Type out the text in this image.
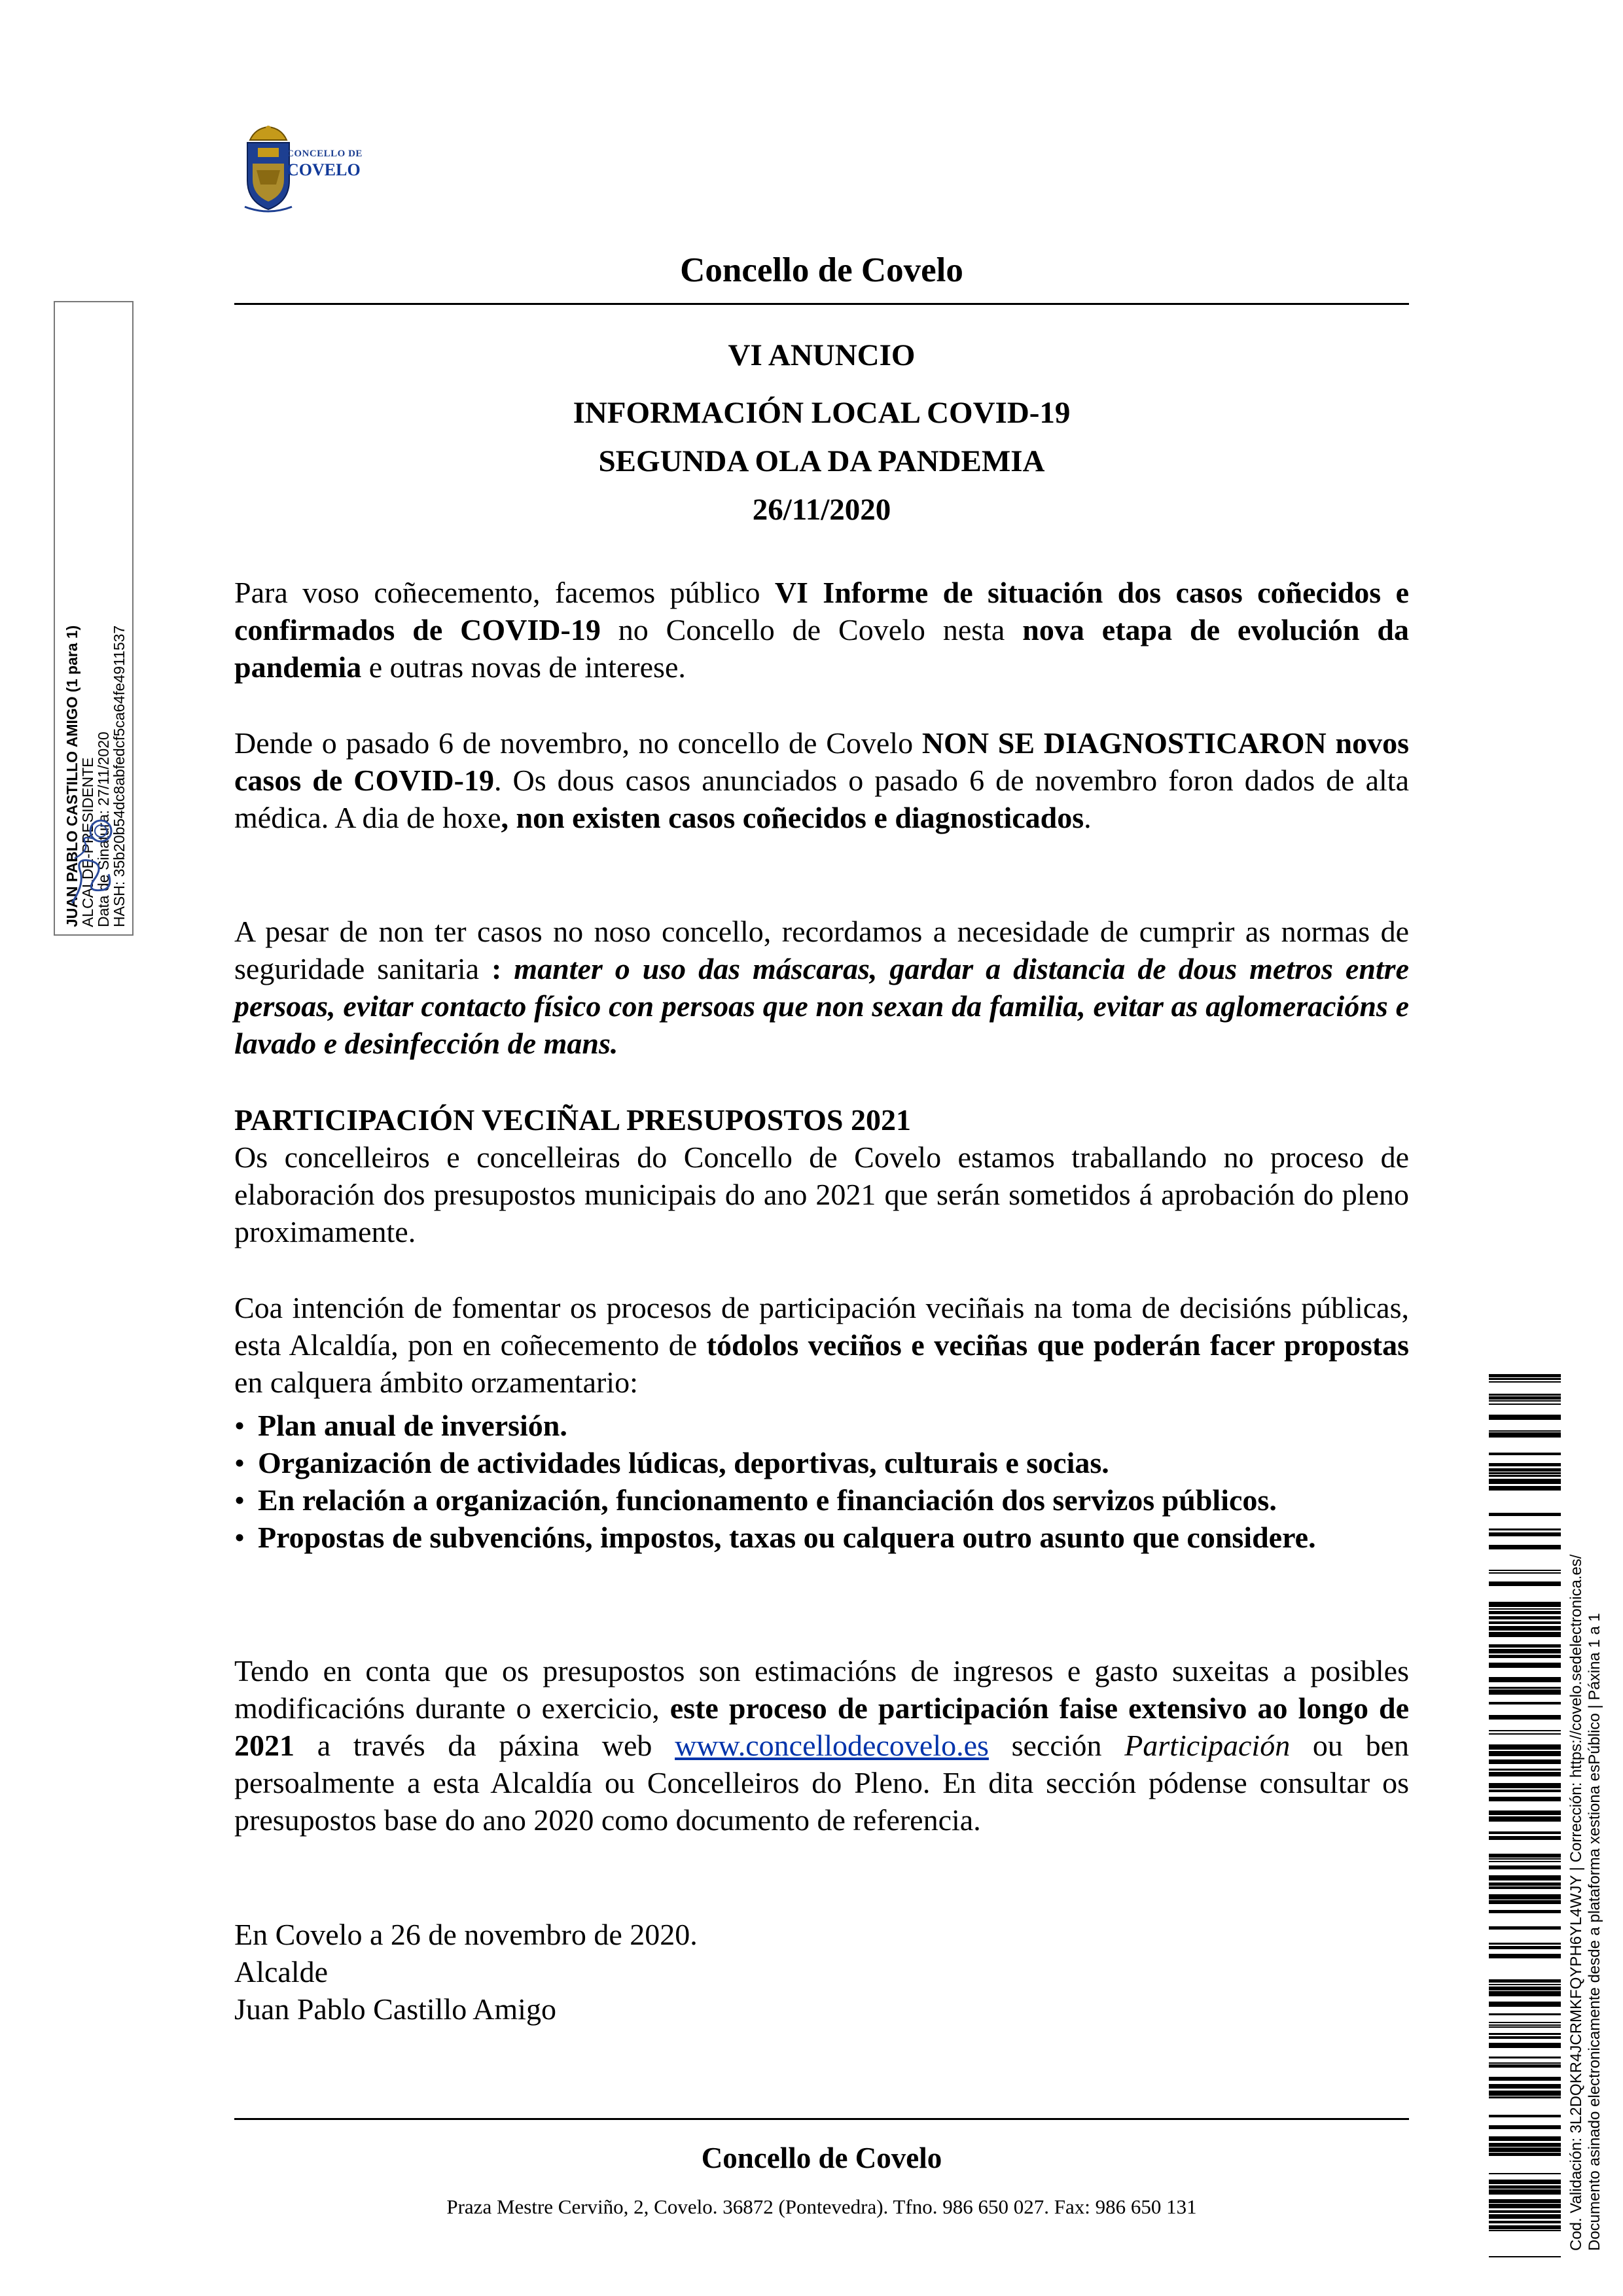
CONCELLO DE
COVELO
Concello de Covelo
VI ANUNCIO
INFORMACIÓN LOCAL COVID-19
SEGUNDA OLA DA PANDEMIA
26/11/2020

Para voso coñecemento, facemos público VI Informe de situación dos casos coñecidos e confirmados de COVID-19 no Concello de Covelo nesta nova etapa de evolución da pandemia e outras novas de interese.

Dende o pasado 6 de novembro, no concello de Covelo NON SE DIAGNOSTICARON novos casos de COVID-19. Os dous casos anunciados o pasado 6 de novembro foron dados de alta médica. A dia de hoxe, non existen casos coñecidos e diagnosticados.

A pesar de non ter casos no noso concello, recordamos a necesidade de cumprir as normas de seguridade sanitaria : manter o uso das máscaras, gardar a distancia de dous metros entre persoas, evitar contacto físico con persoas que non sexan da familia, evitar as aglomeracións e lavado e desinfección de mans.

PARTICIPACIÓN VECIÑAL PRESUPOSTOS 2021

Os concelleiros e concelleiras do Concello de Covelo estamos traballando no proceso de elaboración dos presupostos municipais do ano 2021 que serán sometidos á aprobación do pleno proximamente.

Coa intención de fomentar os procesos de participación veciñais na toma de decisións públicas, esta Alcaldía, pon en coñecemento de tódolos veciños e veciñas que poderán facer propostas en calquera ámbito orzamentario:

• Plan anual de inversión.
• Organización de actividades lúdicas, deportivas, culturais e socias.
• En relación a organización, funcionamento e financiación dos servizos públicos.
• Propostas de subvencións, impostos, taxas ou calquera outro asunto que considere.

Tendo en conta que os presupostos son estimacións de ingresos e gasto suxeitas a posibles modificacións durante o exercicio, este proceso de participación faise extensivo ao longo de 2021 a través da páxina web www.concellodecovelo.es sección Participación ou ben persoalmente a esta Alcaldía ou Concelleiros do Pleno. En dita sección pódense consultar os presupostos base do ano 2020 como documento de referencia.

En Covelo a 26 de novembro de 2020.

Alcalde

Juan Pablo Castillo Amigo

Concello de Covelo
Praza Mestre Cerviño, 2, Covelo. 36872 (Pontevedra). Tfno. 986 650 027. Fax: 986 650 131
JUAN PABLO CASTILLO AMIGO (1 para 1)
ALCALDE-PRESIDENTE
Data de Sinatura: 27/11/2020
HASH: 35b20b54dc8abfedcf5ca64fe4911537
Cod. Validación: 3L2DQKR4JCRMKFQYPH6YL4WJY | Corrección: https://covelo.sedelectronica.es/ Documento asinado electronicamente desde a plataforma xestiona esPúblico | Páxina 1 a 1
